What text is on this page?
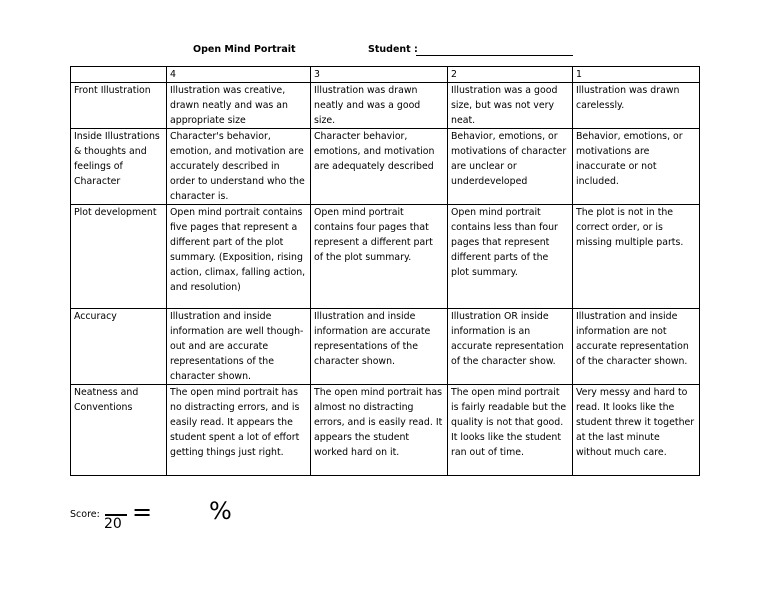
Open Mind Portrait	Student :
	4	3	2	1
Front Illustration	Illustration was creative, drawn neatly and was an appropriate size	Illustration was drawn neatly and was a good size.	Illustration was a good size, but was not very neat.	Illustration was drawn carelessly.
Inside Illustrations & thoughts and feelings of Character	Character's behavior, emotion, and motivation are accurately described in order to understand who the character is.	Character behavior, emotions, and motivation are adequately described	Behavior, emotions, or motivations of character are unclear or underdeveloped	Behavior, emotions, or motivations are inaccurate or not included.
Plot development	Open mind portrait contains five pages that represent a different part of the plot summary. (Exposition, rising action, climax, falling action, and resolution)	Open mind portrait contains four pages that represent a different part of the plot summary.	Open mind portrait contains less than four pages that represent different parts of the plot summary.	The plot is not in the correct order, or is missing multiple parts.
Accuracy	Illustration and inside information are well though-out and are accurate representations of the character shown.	Illustration and inside information are accurate representations of the character shown.	Illustration OR inside information is an accurate representation of the character show.	Illustration and inside information are not accurate representation of the character shown.
Neatness and Conventions	The open mind portrait has no distracting errors, and is easily read. It appears the student spent a lot of effort getting things just right.	The open mind portrait has almost no distracting errors, and is easily read. It appears the student worked hard on it.	The open mind portrait is fairly readable but the quality is not that good. It looks like the student ran out of time.	Very messy and hard to read. It looks like the student threw it together at the last minute without much care.
Score:
20 = %
